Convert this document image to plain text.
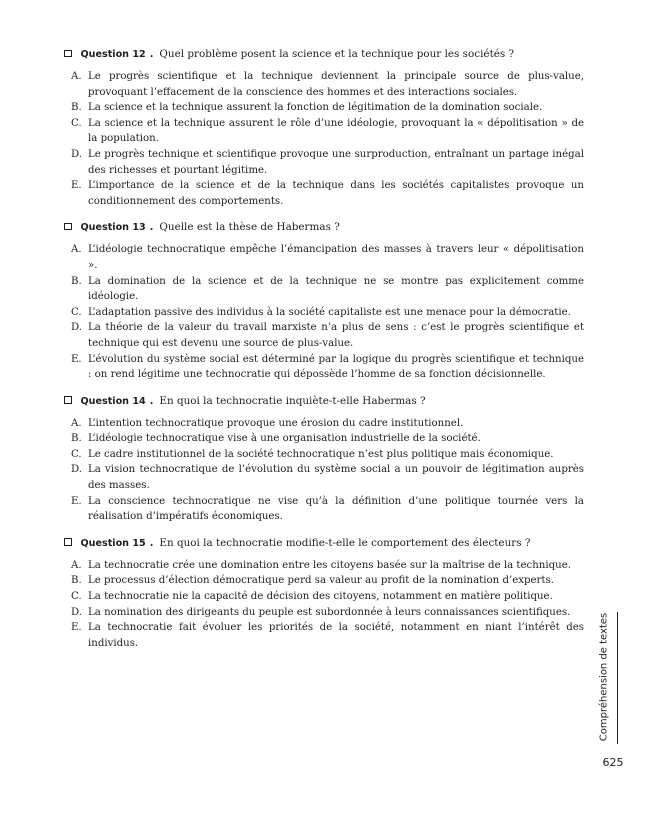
Question 12 . Quel problème posent la science et la technique pour les sociétés ?
A. Le progrès scientifique et la technique deviennent la principale source de plus-value, provoquant l’effacement de la conscience des hommes et des interactions sociales.
B. La science et la technique assurent la fonction de légitimation de la domination sociale.
C. La science et la technique assurent le rôle d’une idéologie, provoquant la « dépolitisation » de la population.
D. Le progrès technique et scientifique provoque une surproduction, entraînant un partage inégal des richesses et pourtant légitime.
E. L’importance de la science et de la technique dans les sociétés capitalistes provoque un conditionnement des comportements.
Question 13 . Quelle est la thèse de Habermas ?
A. L’idéologie technocratique empêche l’émancipation des masses à travers leur « dépolitisation ».
B. La domination de la science et de la technique ne se montre pas explicitement comme idéologie.
C. L’adaptation passive des individus à la société capitaliste est une menace pour la démocratie.
D. La théorie de la valeur du travail marxiste n’a plus de sens : c’est le progrès scientifique et technique qui est devenu une source de plus-value.
E. L’évolution du système social est déterminé par la logique du progrès scientifique et technique : on rend légitime une technocratie qui dépossède l’homme de sa fonction décisionnelle.
Question 14 . En quoi la technocratie inquiète-t-elle Habermas ?
A. L’intention technocratique provoque une érosion du cadre institutionnel.
B. L’idéologie technocratique vise à une organisation industrielle de la société.
C. Le cadre institutionnel de la société technocratique n’est plus politique mais économique.
D. La vision technocratique de l’évolution du système social a un pouvoir de légitimation auprès des masses.
E. La conscience technocratique ne vise qu’à la définition d’une politique tournée vers la réalisation d’impératifs économiques.
Question 15 . En quoi la technocratie modifie-t-elle le comportement des électeurs ?
A. La technocratie crée une domination entre les citoyens basée sur la maîtrise de la technique.
B. Le processus d’élection démocratique perd sa valeur au profit de la nomination d’experts.
C. La technocratie nie la capacité de décision des citoyens, notamment en matière politique.
D. La nomination des dirigeants du peuple est subordonnée à leurs connaissances scientifiques.
E. La technocratie fait évoluer les priorités de la société, notamment en niant l’intérêt des individus.	Compréhension de textes
625
